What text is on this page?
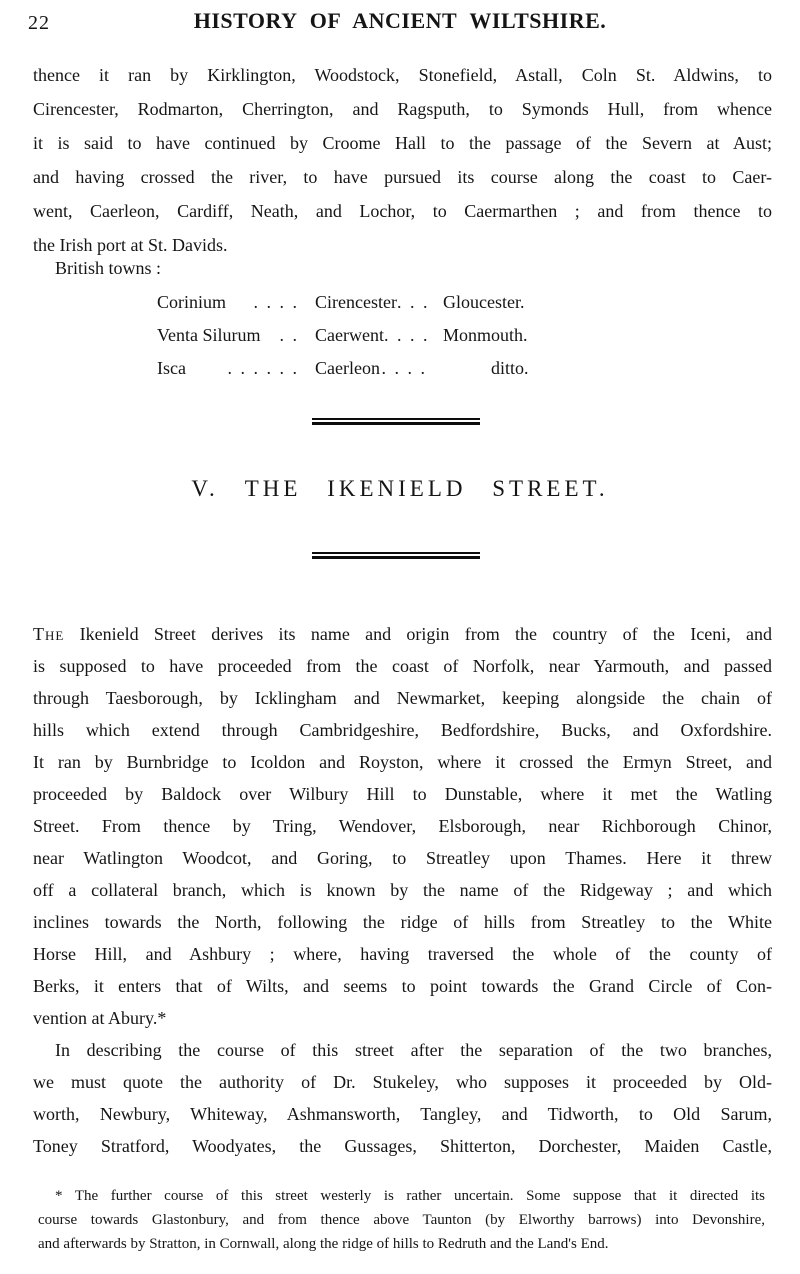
22	HISTORY OF ANCIENT WILTSHIRE.
thence it ran by Kirklington, Woodstock, Stonefield, Astall, Coln St. Aldwins, to
Cirencester, Rodmarton, Cherrington, and Ragsputh, to Symonds Hull, from whence
it is said to have continued by Croome Hall to the passage of the Severn at Aust;
and having crossed the river, to have pursued its course along the coast to Caer-
went, Caerleon, Cardiff, Neath, and Lochor, to Caermarthen ; and from thence to
the Irish port at St. Davids.
British towns :
Corinium . . . . Cirencester . . . Gloucester.
Venta Silurum . . Caerwent . . . . Monmouth.
Isca . . . . . . Caerleon . . . .	ditto.
V. THE IKENIELD STREET.
The Ikenield Street derives its name and origin from the country of the Iceni, and
is supposed to have proceeded from the coast of Norfolk, near Yarmouth, and passed
through Taesborough, by Icklingham and Newmarket, keeping alongside the chain of
hills which extend through Cambridgeshire, Bedfordshire, Bucks, and Oxfordshire.
It ran by Burnbridge to Icoldon and Royston, where it crossed the Ermyn Street, and
proceeded by Baldock over Wilbury Hill to Dunstable, where it met the Watling
Street. From thence by Tring, Wendover, Elsborough, near Richborough Chinor,
near Watlington Woodcot, and Goring, to Streatley upon Thames. Here it threw
off a collateral branch, which is known by the name of the Ridgeway ; and which
inclines towards the North, following the ridge of hills from Streatley to the White
Horse Hill, and Ashbury ; where, having traversed the whole of the county of
Berks, it enters that of Wilts, and seems to point towards the Grand Circle of Con-
vention at Abury.*
In describing the course of this street after the separation of the two branches,
we must quote the authority of Dr. Stukeley, who supposes it proceeded by Old-
worth, Newbury, Whiteway, Ashmansworth, Tangley, and Tidworth, to Old Sarum,
Toney Stratford, Woodyates, the Gussages, Shitterton, Dorchester, Maiden Castle,
* The further course of this street westerly is rather uncertain. Some suppose that it directed its
course towards Glastonbury, and from thence above Taunton (by Elworthy barrows) into Devonshire,
and afterwards by Stratton, in Cornwall, along the ridge of hills to Redruth and the Land's End.
